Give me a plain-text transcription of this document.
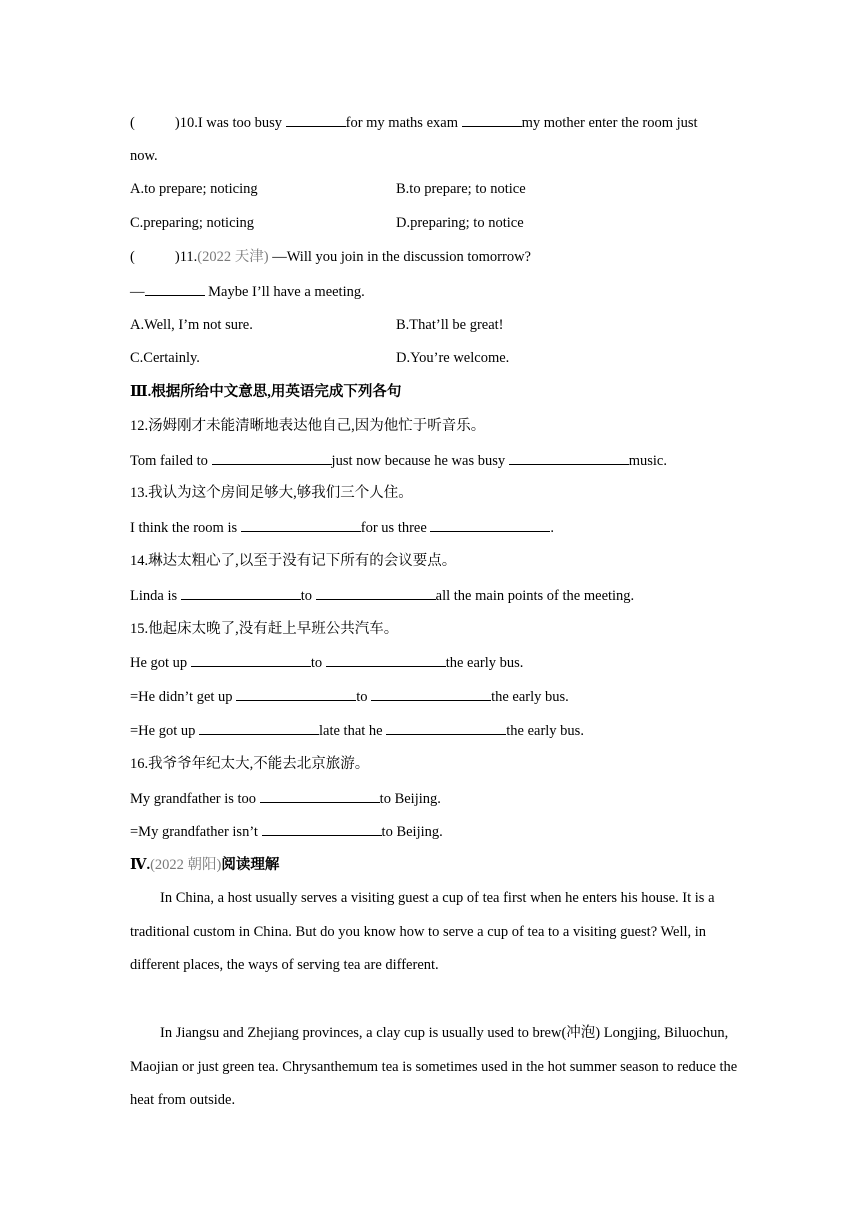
(	)10.I was too busy	for my maths exam	my mother enter the room just
now.
A.to prepare; noticing	B.to prepare; to notice
C.preparing; noticing	D.preparing; to notice
(	)11.(2022 天津) —Will you join in the discussion tomorrow?
—	Maybe I’ll have a meeting.
A.Well, I’m not sure.	B.That’ll be great!
C.Certainly.	D.You’re welcome.
Ⅲ.根据所给中文意思,用英语完成下列各句
12.汤姆刚才未能清晰地表达他自己,因为他忙于听音乐。
Tom failed to	just now because he was busy	music.
13.我认为这个房间足够大,够我们三个人住。
I think the room is	for us three	.
14.琳达太粗心了,以至于没有记下所有的会议要点。
Linda is	to	all the main points of the meeting.
15.他起床太晚了,没有赶上早班公共汽车。
He got up	to	the early bus.
=He didn’t get up	to	the early bus.
=He got up	late that he	the early bus.
16.我爷爷年纪太大,不能去北京旅游。
My grandfather is too	to Beijing.
=My grandfather isn’t	to Beijing.
Ⅳ.(2022 朝阳)阅读理解
In China, a host usually serves a visiting guest a cup of tea first when he enters his house. It is a traditional custom in China. But do you know how to serve a cup of tea to a visiting guest? Well, in different places, the ways of serving tea are different.
In Jiangsu and Zhejiang provinces, a clay cup is usually used to brew(冲泡) Longjing, Biluochun, Maojian or just green tea. Chrysanthemum tea is sometimes used in the hot summer season to reduce the heat from outside.
